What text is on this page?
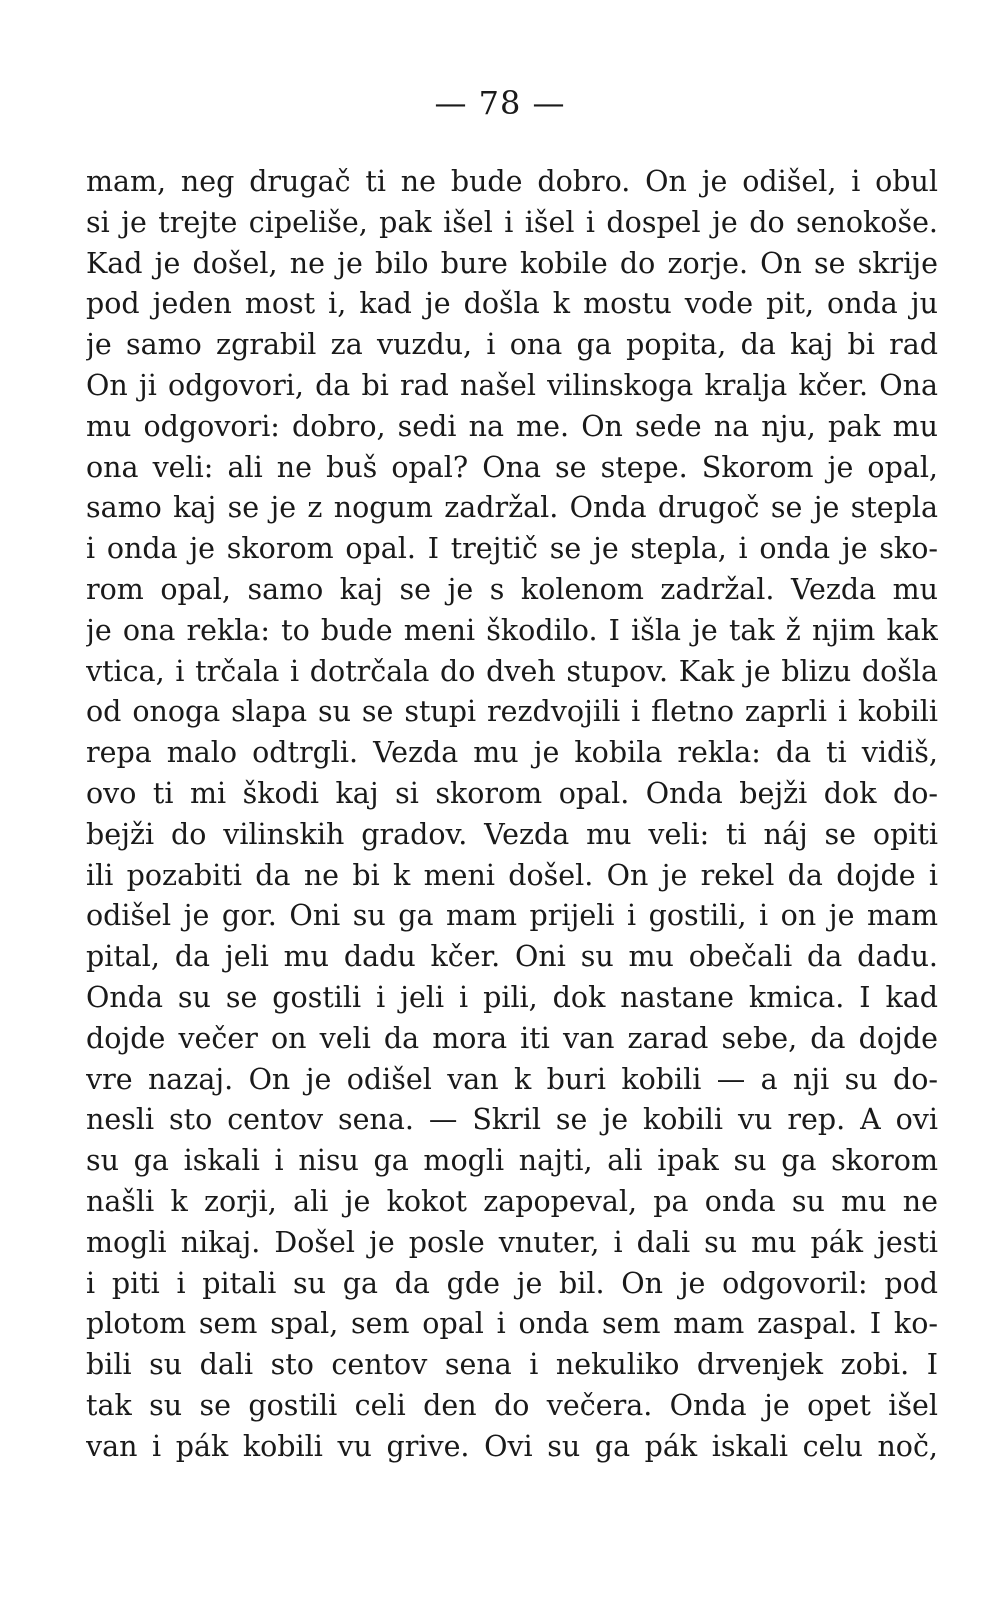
— 78 —
mam, neg drugač ti ne bude dobro. On je odišel, i obul
si je trejte cipeliše, pak išel i išel i dospel je do senokoše.
Kad je došel, ne je bilo bure kobile do zorje. On se skrije
pod jeden most i, kad je došla k mostu vode pit, onda ju
je samo zgrabil za vuzdu, i ona ga popita, da kaj bi rad
On ji odgovori, da bi rad našel vilinskoga kralja kčer. Ona
mu odgovori: dobro, sedi na me. On sede na nju, pak mu
ona veli: ali ne buš opal? Ona se stepe. Skorom je opal,
samo kaj se je z nogum zadržal. Onda drugoč se je stepla
i onda je skorom opal. I trejtič se je stepla, i onda je sko-
rom opal, samo kaj se je s kolenom zadržal. Vezda mu
je ona rekla: to bude meni škodilo. I išla je tak ž njim kak
vtica, i trčala i dotrčala do dveh stupov. Kak je blizu došla
od onoga slapa su se stupi rezdvojili i fletno zaprli i kobili
repa malo odtrgli. Vezda mu je kobila rekla: da ti vidiš,
ovo ti mi škodi kaj si skorom opal. Onda bejži dok do-
bejži do vilinskih gradov. Vezda mu veli: ti náj se opiti
ili pozabiti da ne bi k meni došel. On je rekel da dojde i
odišel je gor. Oni su ga mam prijeli i gostili, i on je mam
pital, da jeli mu dadu kčer. Oni su mu obečali da dadu.
Onda su se gostili i jeli i pili, dok nastane kmica. I kad
dojde večer on veli da mora iti van zarad sebe, da dojde
vre nazaj. On je odišel van k buri kobili — a nji su do-
nesli sto centov sena. — Skril se je kobili vu rep. A ovi
su ga iskali i nisu ga mogli najti, ali ipak su ga skorom
našli k zorji, ali je kokot zapopeval, pa onda su mu ne
mogli nikaj. Došel je posle vnuter, i dali su mu pák jesti
i piti i pitali su ga da gde je bil. On je odgovoril: pod
plotom sem spal, sem opal i onda sem mam zaspal. I ko-
bili su dali sto centov sena i nekuliko drvenjek zobi. I
tak su se gostili celi den do večera. Onda je opet išel
van i pák kobili vu grive. Ovi su ga pák iskali celu noč,
